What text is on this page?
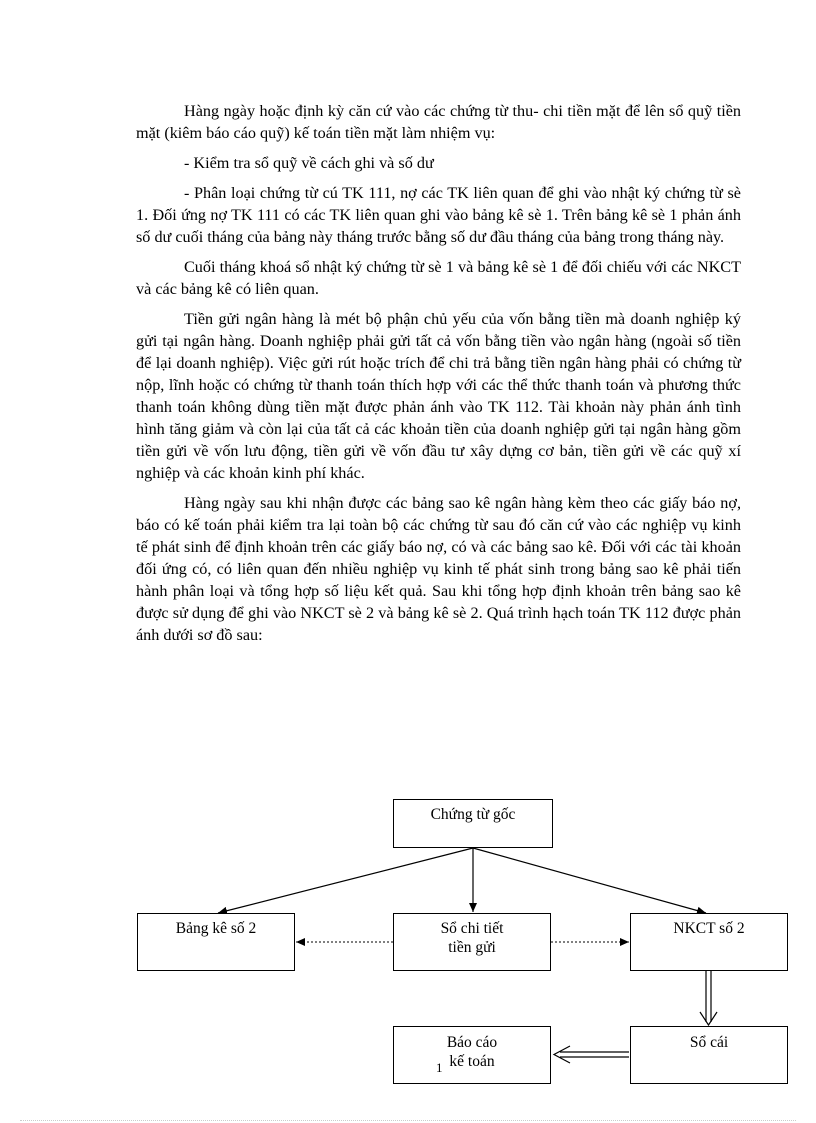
Hàng ngày hoặc định kỳ căn cứ vào các chứng từ thu- chi tiền mặt để lên sổ quỹ tiền mặt (kiêm báo cáo quỹ) kế toán tiền mặt làm nhiệm vụ:

- Kiểm tra sổ quỹ về cách ghi và số dư

- Phân loại chứng từ cú TK 111, nợ các TK liên quan để ghi vào nhật ký chứng từ sè 1. Đối ứng nợ TK 111 có các TK liên quan ghi vào bảng kê sè 1. Trên bảng kê sè 1 phản ánh số dư cuối tháng của bảng này tháng trước bằng số dư đầu tháng của bảng trong tháng này.

Cuối tháng khoá sổ nhật ký chứng từ sè 1 và bảng kê sè 1 để đối chiếu với các NKCT và các bảng kê có liên quan.

Tiền gửi ngân hàng là mét bộ phận chủ yếu của vốn bằng tiền mà doanh nghiệp ký gửi tại ngân hàng. Doanh nghiệp phải gửi tất cả vốn bằng tiền vào ngân hàng (ngoài số tiền để lại doanh nghiệp). Việc gửi rút hoặc trích để chi trả bằng tiền ngân hàng phải có chứng từ nộp, lĩnh hoặc có chứng từ thanh toán thích hợp với các thể thức thanh toán và phương thức thanh toán không dùng tiền mặt được phản ánh vào TK 112. Tài khoản này phản ánh tình hình tăng giảm và còn lại của tất cả các khoản tiền của doanh nghiệp gửi tại ngân hàng gồm tiền gửi về vốn lưu động, tiền gửi về vốn đầu tư xây dựng cơ bản, tiền gửi về các quỹ xí nghiệp và các khoản kinh phí khác.

Hàng ngày sau khi nhận được các bảng sao kê ngân hàng kèm theo các giấy báo nợ, báo có kế toán phải kiểm tra lại toàn bộ các chứng từ sau đó căn cứ vào các nghiệp vụ kinh tế phát sinh để định khoản trên các giấy báo nợ, có và các bảng sao kê. Đối với các tài khoản đối ứng có, có liên quan đến nhiều nghiệp vụ kinh tế phát sinh trong bảng sao kê phải tiến hành phân loại và tổng hợp số liệu kết quả. Sau khi tổng hợp định khoản trên bảng sao kê được sử dụng để ghi vào NKCT sè 2 và bảng kê sè 2. Quá trình hạch toán TK 112 được phản ánh dưới sơ đồ sau:

Chứng từ gốc
Bảng kê số 2	Sổ chi tiết
tiền gửi
NKCT số 2
Sổ cái
Báo cáo
kế toán
1
